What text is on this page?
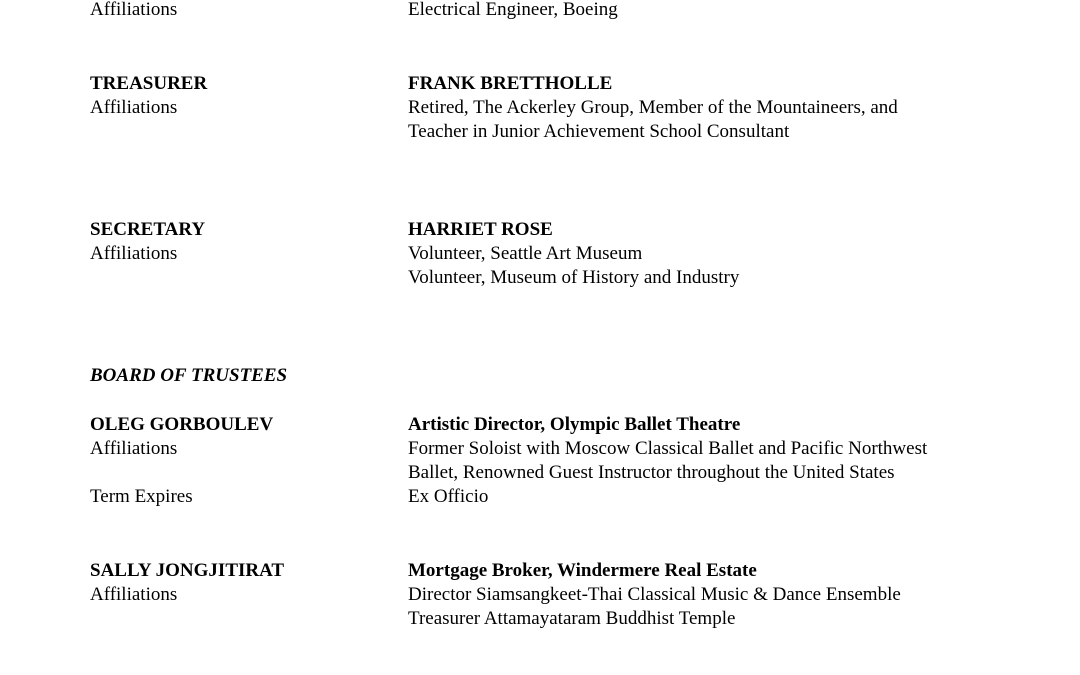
Affiliations	Electrical Engineer, Boeing
TREASURER	FRANK BRETTHOLLE
Affiliations	Retired, The Ackerley Group, Member of the Mountaineers, and
Teacher in Junior Achievement School Consultant
SECRETARY	HARRIET ROSE
Affiliations	Volunteer, Seattle Art Museum
Volunteer, Museum of History and Industry
BOARD OF TRUSTEES
OLEG GORBOULEV	Artistic Director, Olympic Ballet Theatre
Affiliations	Former Soloist with Moscow Classical Ballet and Pacific Northwest
Ballet, Renowned Guest Instructor throughout the United States
Term Expires	Ex Officio
SALLY JONGJITIRAT	Mortgage Broker, Windermere Real Estate
Affiliations	Director Siamsangkeet-Thai Classical Music & Dance Ensemble
Treasurer Attamayataram Buddhist Temple
